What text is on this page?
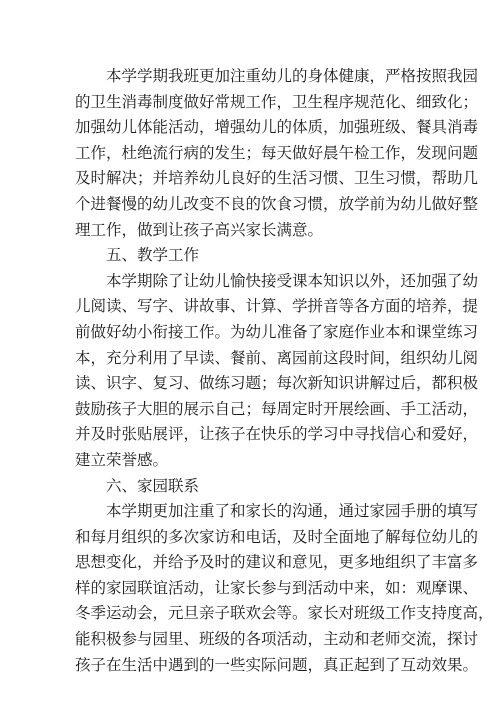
　　本学学期我班更加注重幼儿的身体健康，严格按照我园
的卫生消毒制度做好常规工作，卫生程序规范化、细致化；
加强幼儿体能活动，增强幼儿的体质，加强班级、餐具消毒
工作，杜绝流行病的发生；每天做好晨午检工作，发现问题
及时解决；并培养幼儿良好的生活习惯、卫生习惯，帮助几
个进餐慢的幼儿改变不良的饮食习惯，放学前为幼儿做好整
理工作，做到让孩子高兴家长满意。
五、教学工作
　　本学期除了让幼儿愉快接受课本知识以外，还加强了幼
儿阅读、写字、讲故事、计算、学拼音等各方面的培养，提
前做好幼小衔接工作。为幼儿准备了家庭作业本和课堂练习
本，充分利用了早读、餐前、离园前这段时间，组织幼儿阅
读、识字、复习、做练习题；每次新知识讲解过后，都积极
鼓励孩子大胆的展示自己；每周定时开展绘画、手工活动，
并及时张贴展评，让孩子在快乐的学习中寻找信心和爱好，
建立荣誉感。
六、家园联系
　　本学期更加注重了和家长的沟通，通过家园手册的填写
和每月组织的多次家访和电话，及时全面地了解每位幼儿的
思想变化，并给予及时的建议和意见，更多地组织了丰富多
样的家园联谊活动，让家长参与到活动中来，如：观摩课、
冬季运动会，元旦亲子联欢会等。家长对班级工作支持度高，
能积极参与园里、班级的各项活动，主动和老师交流，探讨
孩子在生活中遇到的一些实际问题，真正起到了互动效果。
